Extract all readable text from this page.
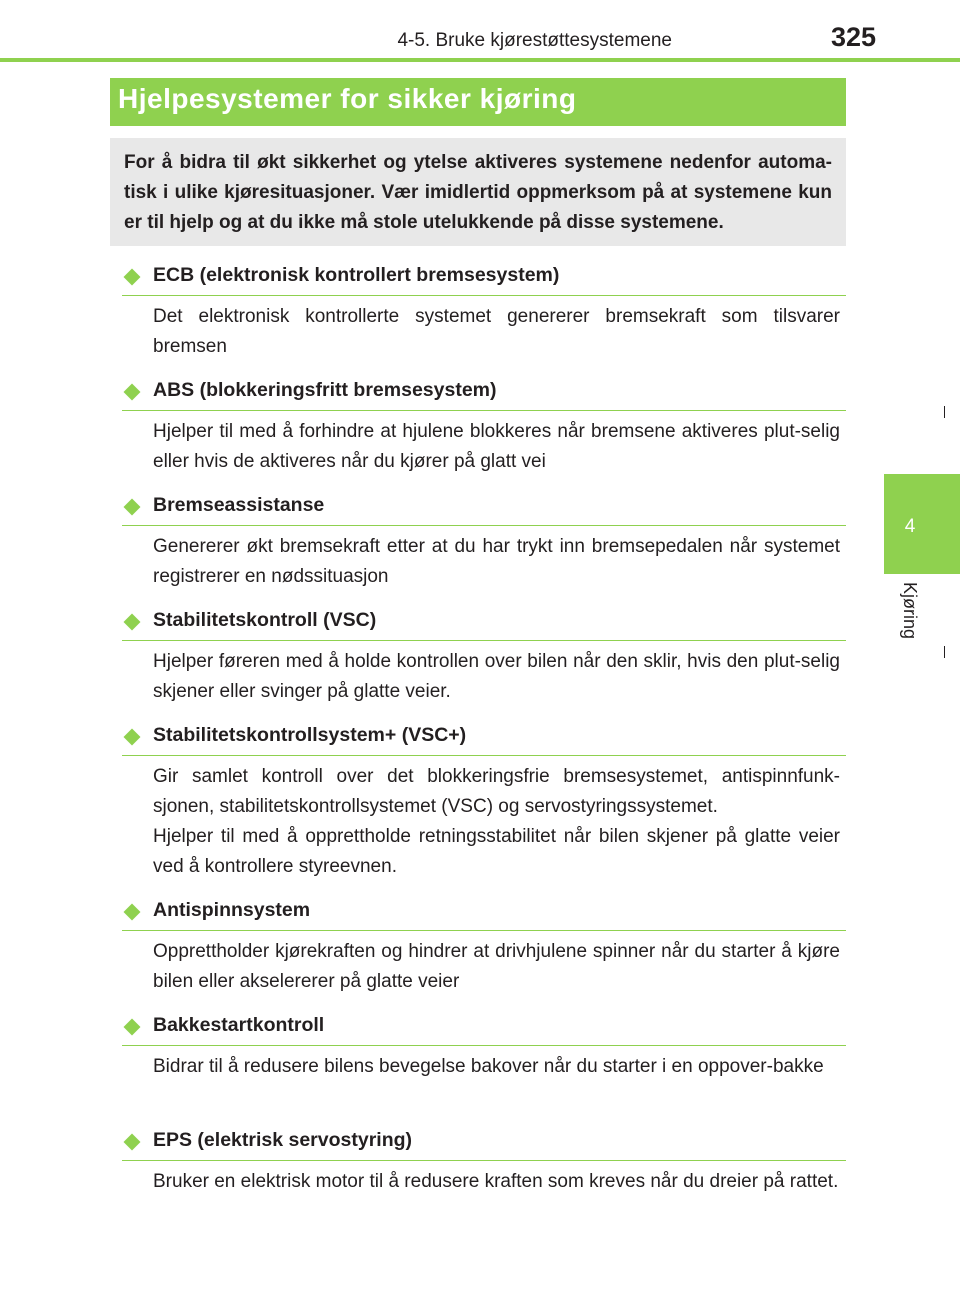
4-5. Bruke kjørestøttesystemene	325
4
Kjøring
Hjelpesystemer for sikker kjøring
For å bidra til økt sikkerhet og ytelse aktiveres systemene nedenfor automa-tisk i ulike kjøresituasjoner. Vær imidlertid oppmerksom på at systemene kun er til hjelp og at du ikke må stole utelukkende på disse systemene.
ECB (elektronisk kontrollert bremsesystem)

Det elektronisk kontrollerte systemet genererer bremsekraft som tilsvarer bremsen

ABS (blokkeringsfritt bremsesystem)

Hjelper til med å forhindre at hjulene blokkeres når bremsene aktiveres plut-selig eller hvis de aktiveres når du kjører på glatt vei

Bremseassistanse

Genererer økt bremsekraft etter at du har trykt inn bremsepedalen når systemet registrerer en nødssituasjon

Stabilitetskontroll (VSC)

Hjelper føreren med å holde kontrollen over bilen når den sklir, hvis den plut-selig skjener eller svinger på glatte veier.

Stabilitetskontrollsystem+ (VSC+)

Gir samlet kontroll over det blokkeringsfrie bremsesystemet, antispinnfunk-sjonen, stabilitetskontrollsystemet (VSC) og servostyringssystemet.

Hjelper til med å opprettholde retningsstabilitet når bilen skjener på glatte veier ved å kontrollere styreevnen.

Antispinnsystem

Opprettholder kjørekraften og hindrer at drivhjulene spinner når du starter å kjøre bilen eller akselererer på glatte veier

Bakkestartkontroll

Bidrar til å redusere bilens bevegelse bakover når du starter i en oppover-bakke

EPS (elektrisk servostyring)

Bruker en elektrisk motor til å redusere kraften som kreves når du dreier på rattet.
